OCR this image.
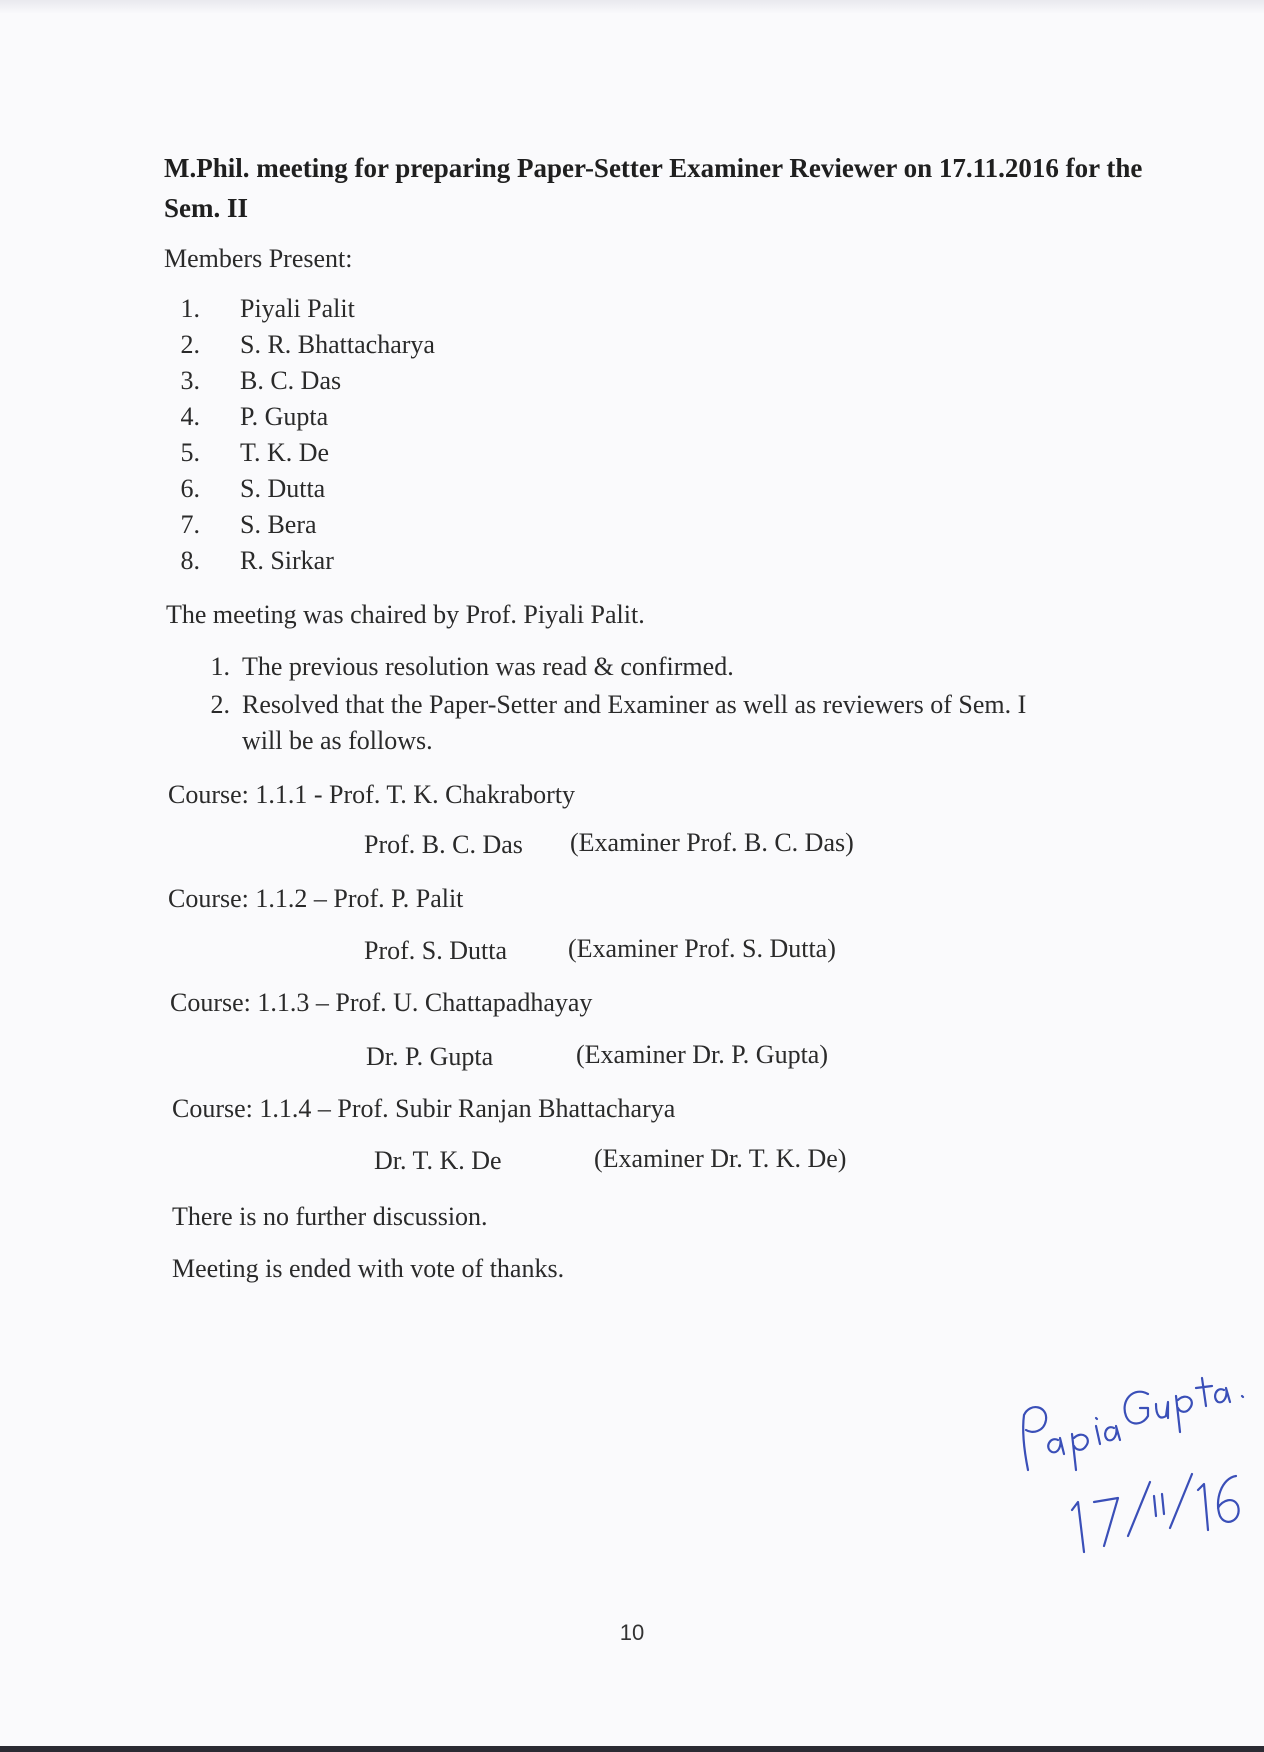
M.Phil. meeting for preparing Paper-Setter Examiner Reviewer on 17.11.2016 for the Sem. II
Members Present:
1. Piyali Palit
2. S. R. Bhattacharya
3. B. C. Das
4. P. Gupta
5. T. K. De
6. S. Dutta
7. S. Bera
8. R. Sirkar
The meeting was chaired by Prof. Piyali Palit.
1. The previous resolution was read & confirmed.
2. Resolved that the Paper-Setter and Examiner as well as reviewers of Sem. I
will be as follows.
Course: 1.1.1 - Prof. T. K. Chakraborty
Prof. B. C. Das (Examiner Prof. B. C. Das)
Course: 1.1.2 – Prof. P. Palit
Prof. S. Dutta (Examiner Prof. S. Dutta)
Course: 1.1.3 – Prof. U. Chattapadhayay
Dr. P. Gupta	(Examiner Dr. P. Gupta)
Course: 1.1.4 – Prof. Subir Ranjan Bhattacharya
Dr. T. K. De	(Examiner Dr. T. K. De)
There is no further discussion.
Meeting is ended with vote of thanks.
10
